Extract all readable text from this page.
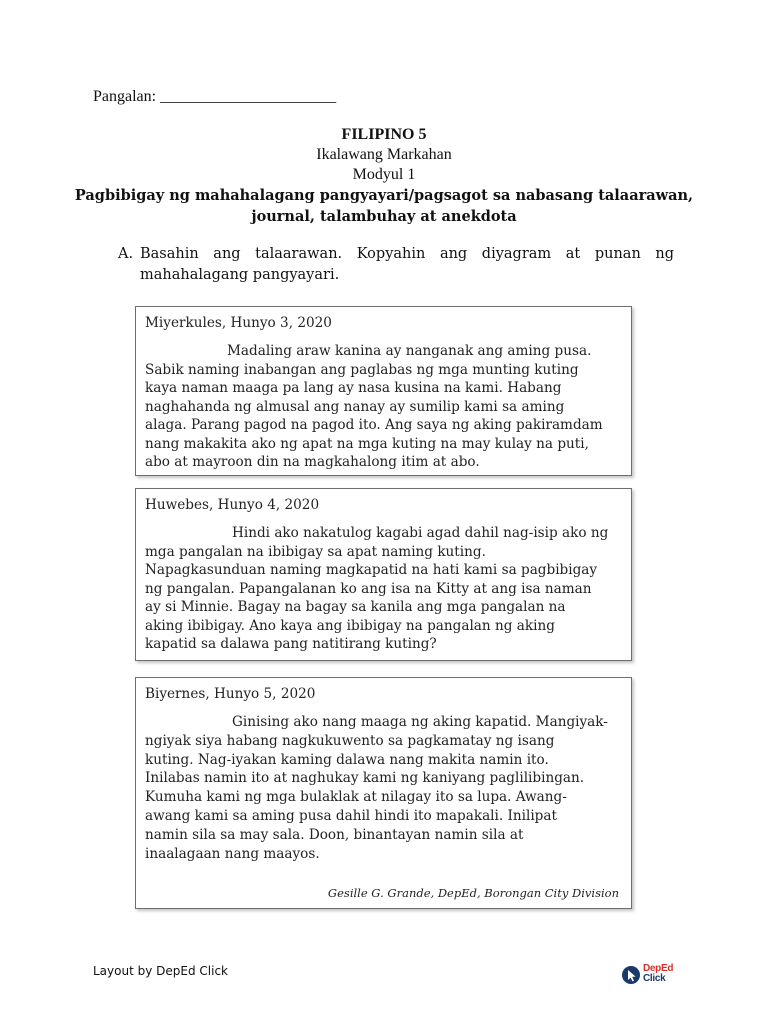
Pangalan: ______________________
FILIPINO 5
Ikalawang Markahan
Modyul 1
Pagbibigay ng mahahalagang pangyayari/pagsagot sa nabasang talaarawan,
journal, talambuhay at anekdota
A. Basahin ang talaarawan. Kopyahin ang diyagram at punan ng mahahalagang pangyayari.
Miyerkules, Hunyo 3, 2020
Madaling araw kanina ay nanganak ang aming pusa.
Sabik naming inabangan ang paglabas ng mga munting kuting
kaya naman maaga pa lang ay nasa kusina na kami. Habang
naghahanda ng almusal ang nanay ay sumilip kami sa aming
alaga. Parang pagod na pagod ito. Ang saya ng aking pakiramdam
nang makakita ako ng apat na mga kuting na may kulay na puti,
abo at mayroon din na magkahalong itim at abo.
Huwebes, Hunyo 4, 2020
Hindi ako nakatulog kagabi agad dahil nag-isip ako ng
mga pangalan na ibibigay sa apat naming kuting.
Napagkasunduan naming magkapatid na hati kami sa pagbibigay
ng pangalan. Papangalanan ko ang isa na Kitty at ang isa naman
ay si Minnie. Bagay na bagay sa kanila ang mga pangalan na
aking ibibigay. Ano kaya ang ibibigay na pangalan ng aking
kapatid sa dalawa pang natitirang kuting?
Biyernes, Hunyo 5, 2020
Ginising ako nang maaga ng aking kapatid. Mangiyak-
ngiyak siya habang nagkukuwento sa pagkamatay ng isang
kuting. Nag-iyakan kaming dalawa nang makita namin ito.
Inilabas namin ito at naghukay kami ng kaniyang paglilibingan.
Kumuha kami ng mga bulaklak at nilagay ito sa lupa. Awang-
awang kami sa aming pusa dahil hindi ito mapakali. Inilipat
namin sila sa may sala. Doon, binantayan namin sila at
inaalagaan nang maayos.
Gesille G. Grande, DepEd, Borongan City Division
Layout by DepEd Click	DepEd
Click
